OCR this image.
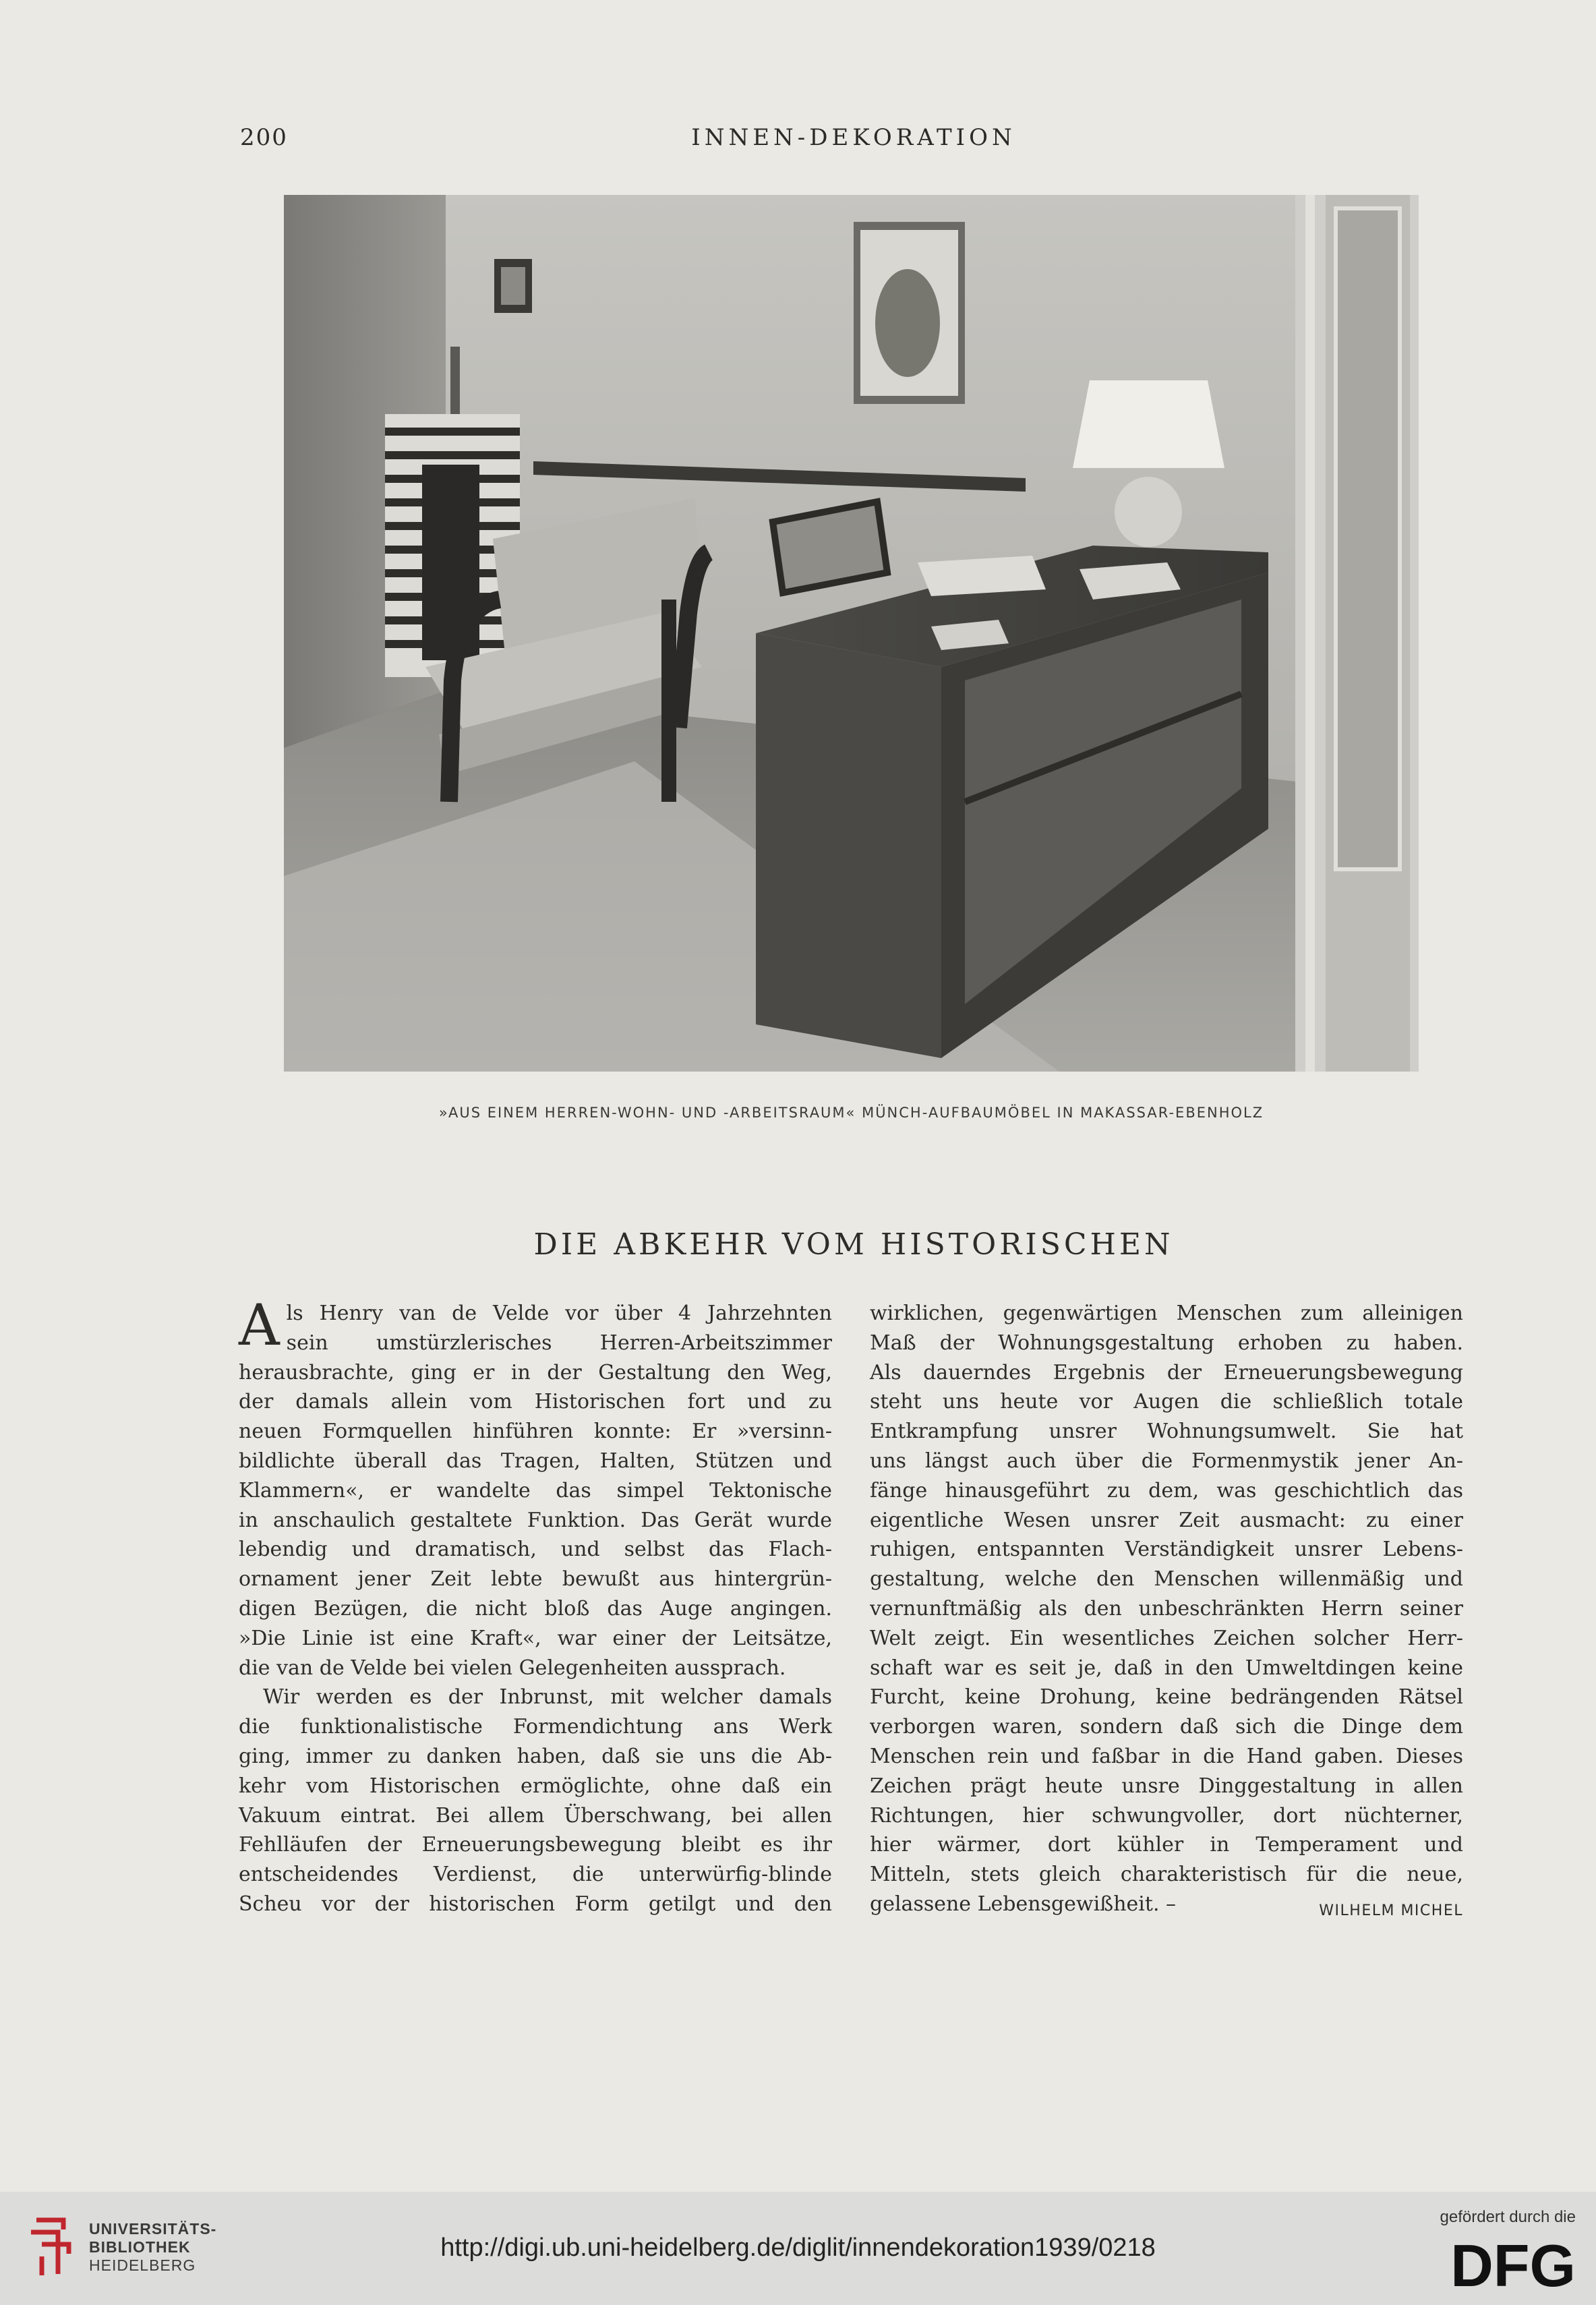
200	INNEN-DEKORATION
»AUS EINEM HERREN-WOHN- UND -ARBEITSRAUM« MÜNCH-AUFBAUMÖBEL IN MAKASSAR-EBENHOLZ
DIE ABKEHR VOM HISTORISCHEN
A ls Henry van de Velde vor über 4 Jahrzehnten

sein umstürzlerisches Herren-Arbeitszimmer

herausbrachte, ging er in der Gestaltung den Weg,

der damals allein vom Historischen fort und zu

neuen Formquellen hinführen konnte: Er »versinn-

bildlichte überall das Tragen, Halten, Stützen und

Klammern«, er wandelte das simpel Tektonische

in anschaulich gestaltete Funktion. Das Gerät wurde

lebendig und dramatisch, und selbst das Flach-

ornament jener Zeit lebte bewußt aus hintergrün-

digen Bezügen, die nicht bloß das Auge angingen.

»Die Linie ist eine Kraft«, war einer der Leitsätze,

die van de Velde bei vielen Gelegenheiten aussprach.

Wir werden es der Inbrunst, mit welcher damals

die funktionalistische Formendichtung ans Werk

ging, immer zu danken haben, daß sie uns die Ab-

kehr vom Historischen ermöglichte, ohne daß ein

Vakuum eintrat. Bei allem Überschwang, bei allen

Fehlläufen der Erneuerungsbewegung bleibt es ihr

entscheidendes Verdienst, die unterwürfig-blinde

Scheu vor der historischen Form getilgt und den

wirklichen, gegenwärtigen Menschen zum alleinigen

Maß der Wohnungsgestaltung erhoben zu haben.

Als dauerndes Ergebnis der Erneuerungsbewegung

steht uns heute vor Augen die schließlich totale

Entkrampfung unsrer Wohnungsumwelt. Sie hat

uns längst auch über die Formenmystik jener An-

fänge hinausgeführt zu dem, was geschichtlich das

eigentliche Wesen unsrer Zeit ausmacht: zu einer

ruhigen, entspannten Verständigkeit unsrer Lebens-

gestaltung, welche den Menschen willenmäßig und

vernunftmäßig als den unbeschränkten Herrn seiner

Welt zeigt. Ein wesentliches Zeichen solcher Herr-

schaft war es seit je, daß in den Umweltdingen keine

Furcht, keine Drohung, keine bedrängenden Rätsel

verborgen waren, sondern daß sich die Dinge dem

Menschen rein und faßbar in die Hand gaben. Dieses

Zeichen prägt heute unsre Dinggestaltung in allen

Richtungen, hier schwungvoller, dort nüchterner,

hier wärmer, dort kühler in Temperament und

Mitteln, stets gleich charakteristisch für die neue,

gelassene Lebensgewißheit. –	WILHELM MICHEL

UNIVERSITÄTS-
BIBLIOTHEK
HEIDELBERG
http://digi.ub.uni-heidelberg.de/diglit/innendekoration1939/0218
gefördert durch die
DFG
